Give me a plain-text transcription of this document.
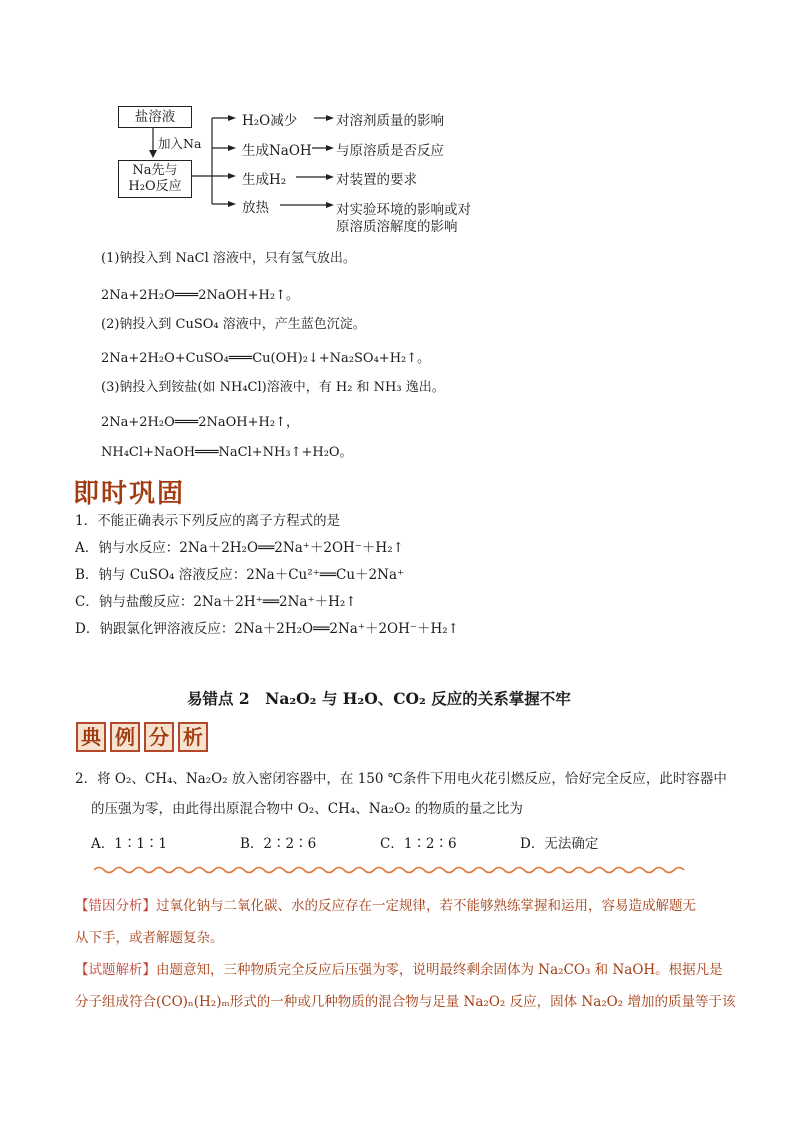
盐溶液
加入Na
Na先与
H₂O反应
H₂O减少
生成NaOH
生成H₂
放热
对溶剂质量的影响
与原溶质是否反应
对装置的要求
对实验环境的影响或对
原溶质溶解度的影响
(1)钠投入到 NaCl 溶液中，只有氢气放出。
2Na+2H₂O═══2NaOH+H₂↑。
(2)钠投入到 CuSO₄ 溶液中，产生蓝色沉淀。
2Na+2H₂O+CuSO₄═══Cu(OH)₂↓+Na₂SO₄+H₂↑。
(3)钠投入到铵盐(如 NH₄Cl)溶液中，有 H₂ 和 NH₃ 逸出。
2Na+2H₂O═══2NaOH+H₂↑，
NH₄Cl+NaOH═══NaCl+NH₃↑+H₂O。
即时巩固
1．不能正确表示下列反应的离子方程式的是
A．钠与水反应：2Na＋2H₂O══2Na⁺＋2OH⁻＋H₂↑
B．钠与 CuSO₄ 溶液反应：2Na＋Cu²⁺══Cu＋2Na⁺
C．钠与盐酸反应：2Na＋2H⁺══2Na⁺＋H₂↑
D．钠跟氯化钾溶液反应：2Na＋2H₂O══2Na⁺＋2OH⁻＋H₂↑
易错点 2　Na₂O₂ 与 H₂O、CO₂ 反应的关系掌握不牢
典 例 分 析
2．将 O₂、CH₄、Na₂O₂ 放入密闭容器中，在 150 ℃条件下用电火花引燃反应，恰好完全反应，此时容器中
的压强为零，由此得出原混合物中 O₂、CH₄、Na₂O₂ 的物质的量之比为
A．1∶1∶1	B．2∶2∶6	C．1∶2∶6	D．无法确定
【错因分析】过氧化钠与二氧化碳、水的反应存在一定规律，若不能够熟练掌握和运用，容易造成解题无
从下手，或者解题复杂。
【试题解析】由题意知，三种物质完全反应后压强为零，说明最终剩余固体为 Na₂CO₃ 和 NaOH。根据凡是
分子组成符合(CO)ₙ(H₂)ₘ形式的一种或几种物质的混合物与足量 Na₂O₂ 反应，固体 Na₂O₂ 增加的质量等于该
